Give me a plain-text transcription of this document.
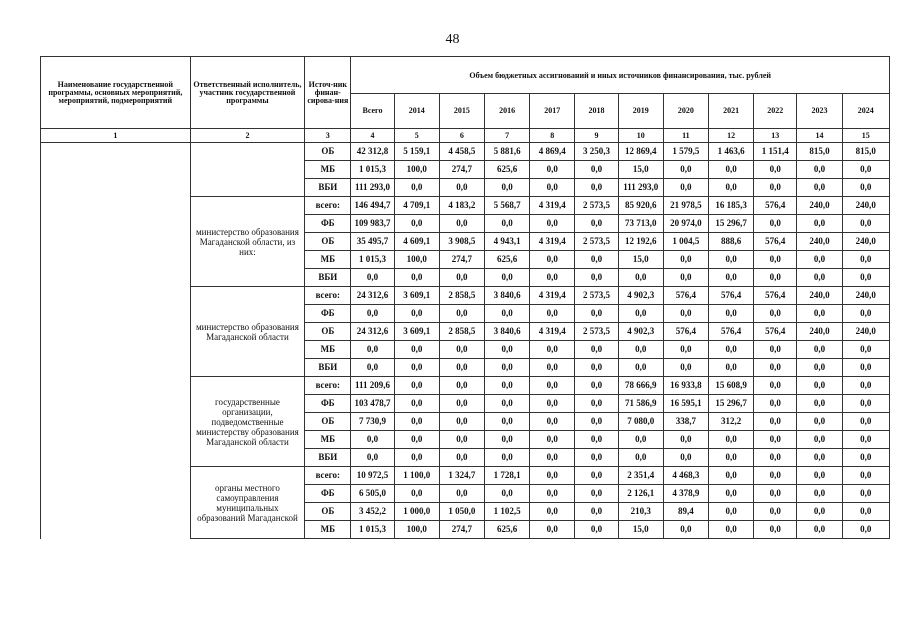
48
Наименование государственной программы, основных мероприятий, мероприятий, подмероприятий	Ответственный исполнитель, участник государственной программы	Источ-ник финан-сирова-ния	Объем бюджетных ассигнований и иных источников финансирования, тыс. рублей											
			Всего	2014	2015	2016	2017	2018	2019	2020	2021	2022	2023	2024
1	2	3	4	5	6	7	8	9	10	11	12	13	14	15
		ОБ	42 312,8	5 159,1	4 458,5	5 881,6	4 869,4	3 250,3	12 869,4	1 579,5	1 463,6	1 151,4	815,0	815,0
		МБ	1 015,3	100,0	274,7	625,6	0,0	0,0	15,0	0,0	0,0	0,0	0,0	0,0
		ВБИ	111 293,0	0,0	0,0	0,0	0,0	0,0	111 293,0	0,0	0,0	0,0	0,0	0,0
	министерство образования Магаданской области, из них:	всего:	146 494,7	4 709,1	4 183,2	5 568,7	4 319,4	2 573,5	85 920,6	21 978,5	16 185,3	576,4	240,0	240,0
		ФБ	109 983,7	0,0	0,0	0,0	0,0	0,0	73 713,0	20 974,0	15 296,7	0,0	0,0	0,0
		ОБ	35 495,7	4 609,1	3 908,5	4 943,1	4 319,4	2 573,5	12 192,6	1 004,5	888,6	576,4	240,0	240,0
		МБ	1 015,3	100,0	274,7	625,6	0,0	0,0	15,0	0,0	0,0	0,0	0,0	0,0
		ВБИ	0,0	0,0	0,0	0,0	0,0	0,0	0,0	0,0	0,0	0,0	0,0	0,0
	министерство образования Магаданской области	всего:	24 312,6	3 609,1	2 858,5	3 840,6	4 319,4	2 573,5	4 902,3	576,4	576,4	576,4	240,0	240,0
		ФБ	0,0	0,0	0,0	0,0	0,0	0,0	0,0	0,0	0,0	0,0	0,0	0,0
		ОБ	24 312,6	3 609,1	2 858,5	3 840,6	4 319,4	2 573,5	4 902,3	576,4	576,4	576,4	240,0	240,0
		МБ	0,0	0,0	0,0	0,0	0,0	0,0	0,0	0,0	0,0	0,0	0,0	0,0
		ВБИ	0,0	0,0	0,0	0,0	0,0	0,0	0,0	0,0	0,0	0,0	0,0	0,0
	государственные организации, подведомственные министерству образования Магаданской области	всего:	111 209,6	0,0	0,0	0,0	0,0	0,0	78 666,9	16 933,8	15 608,9	0,0	0,0	0,0
		ФБ	103 478,7	0,0	0,0	0,0	0,0	0,0	71 586,9	16 595,1	15 296,7	0,0	0,0	0,0
		ОБ	7 730,9	0,0	0,0	0,0	0,0	0,0	7 080,0	338,7	312,2	0,0	0,0	0,0
		МБ	0,0	0,0	0,0	0,0	0,0	0,0	0,0	0,0	0,0	0,0	0,0	0,0
		ВБИ	0,0	0,0	0,0	0,0	0,0	0,0	0,0	0,0	0,0	0,0	0,0	0,0
	органы местного самоуправления муниципальных образований Магаданской	всего:	10 972,5	1 100,0	1 324,7	1 728,1	0,0	0,0	2 351,4	4 468,3	0,0	0,0	0,0	0,0
		ФБ	6 505,0	0,0	0,0	0,0	0,0	0,0	2 126,1	4 378,9	0,0	0,0	0,0	0,0
		ОБ	3 452,2	1 000,0	1 050,0	1 102,5	0,0	0,0	210,3	89,4	0,0	0,0	0,0	0,0
		МБ	1 015,3	100,0	274,7	625,6	0,0	0,0	15,0	0,0	0,0	0,0	0,0	0,0
